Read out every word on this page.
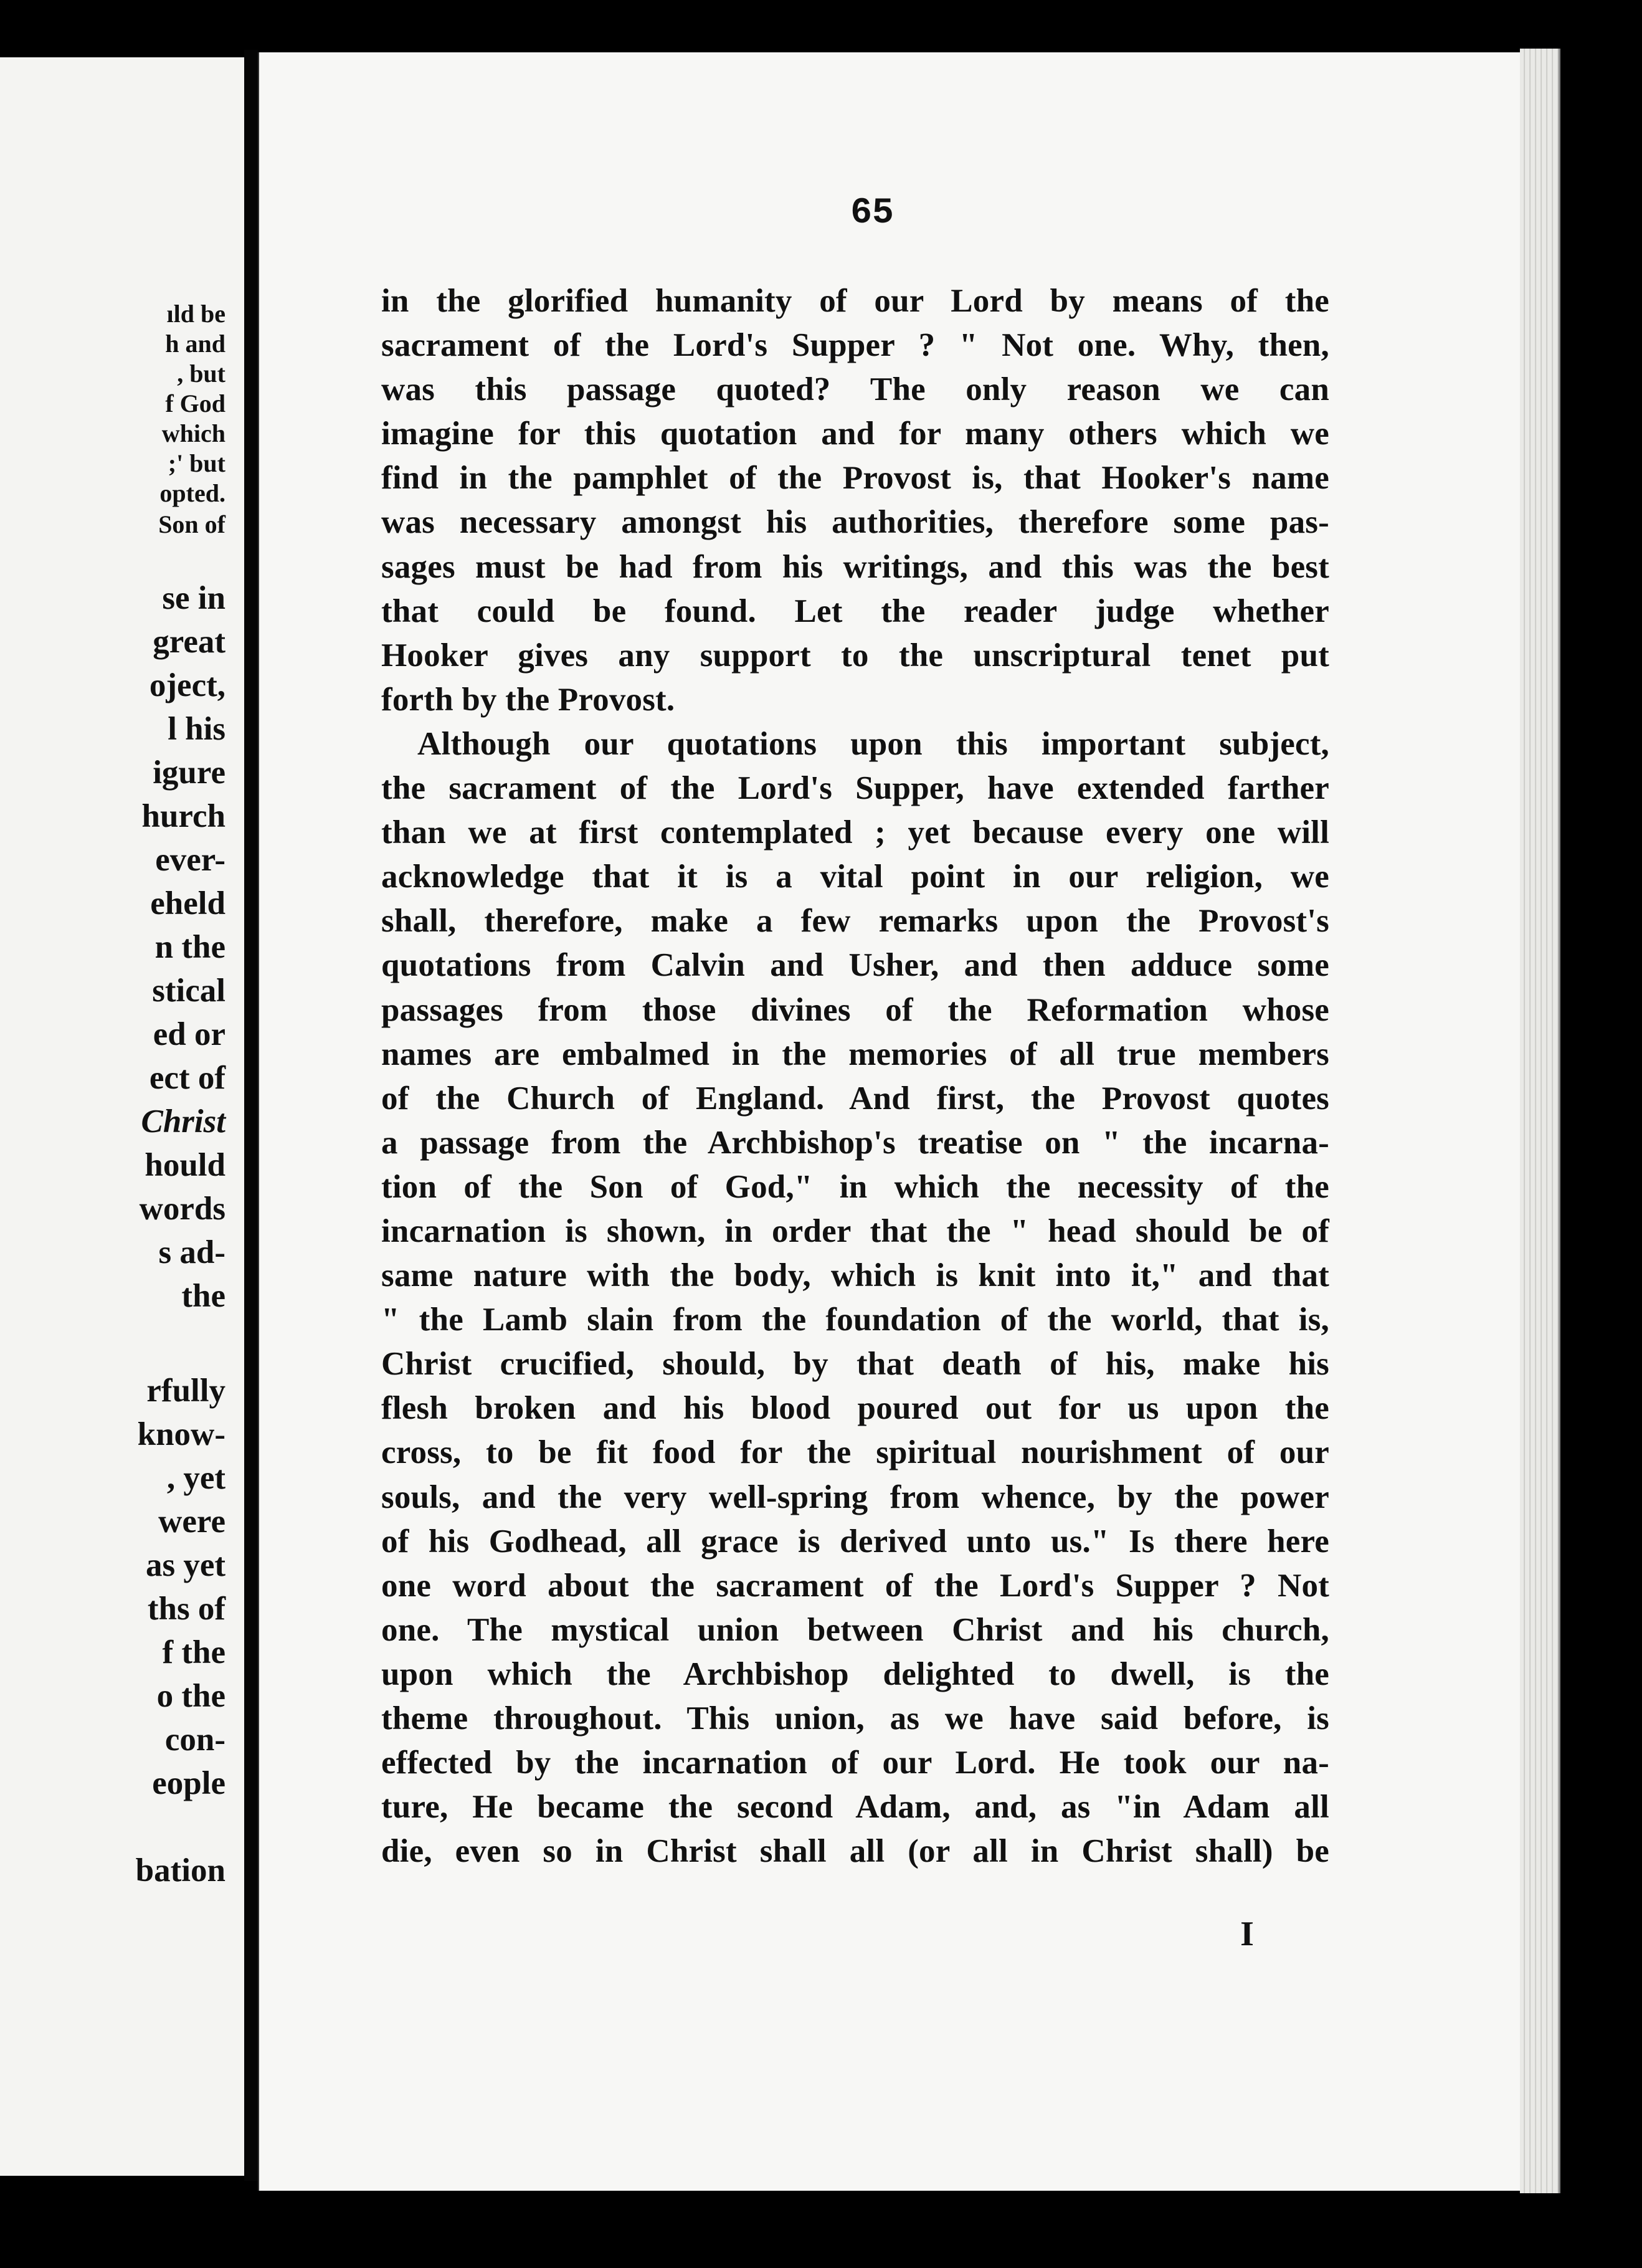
ıld be
h and
, but
f God
which
;' but
opted.
Son of
se in
great
oject,
l his
igure
hurch
ever-
eheld
n the
stical
ed or
ect of
Christ
hould
words
s ad-
the
rfully
know-
, yet
were
as yet
ths of
f the
o the
con-
eople
bation
65
in the glorified humanity of our Lord by means of the
sacrament of the Lord's Supper ? " Not one. Why, then,
was this passage quoted? The only reason we can
imagine for this quotation and for many others which we
find in the pamphlet of the Provost is, that Hooker's name
was necessary amongst his authorities, therefore some pas-
sages must be had from his writings, and this was the best
that could be found. Let the reader judge whether
Hooker gives any support to the unscriptural tenet put
forth by the Provost.
Although our quotations upon this important subject,
the sacrament of the Lord's Supper, have extended farther
than we at first contemplated ; yet because every one will
acknowledge that it is a vital point in our religion, we
shall, therefore, make a few remarks upon the Provost's
quotations from Calvin and Usher, and then adduce some
passages from those divines of the Reformation whose
names are embalmed in the memories of all true members
of the Church of England. And first, the Provost quotes
a passage from the Archbishop's treatise on " the incarna-
tion of the Son of God," in which the necessity of the
incarnation is shown, in order that the " head should be of
same nature with the body, which is knit into it," and that
" the Lamb slain from the foundation of the world, that is,
Christ crucified, should, by that death of his, make his
flesh broken and his blood poured out for us upon the
cross, to be fit food for the spiritual nourishment of our
souls, and the very well-spring from whence, by the power
of his Godhead, all grace is derived unto us." Is there here
one word about the sacrament of the Lord's Supper ? Not
one. The mystical union between Christ and his church,
upon which the Archbishop delighted to dwell, is the
theme throughout. This union, as we have said before, is
effected by the incarnation of our Lord. He took our na-
ture, He became the second Adam, and, as "in Adam all
die, even so in Christ shall all (or all in Christ shall) be
I
